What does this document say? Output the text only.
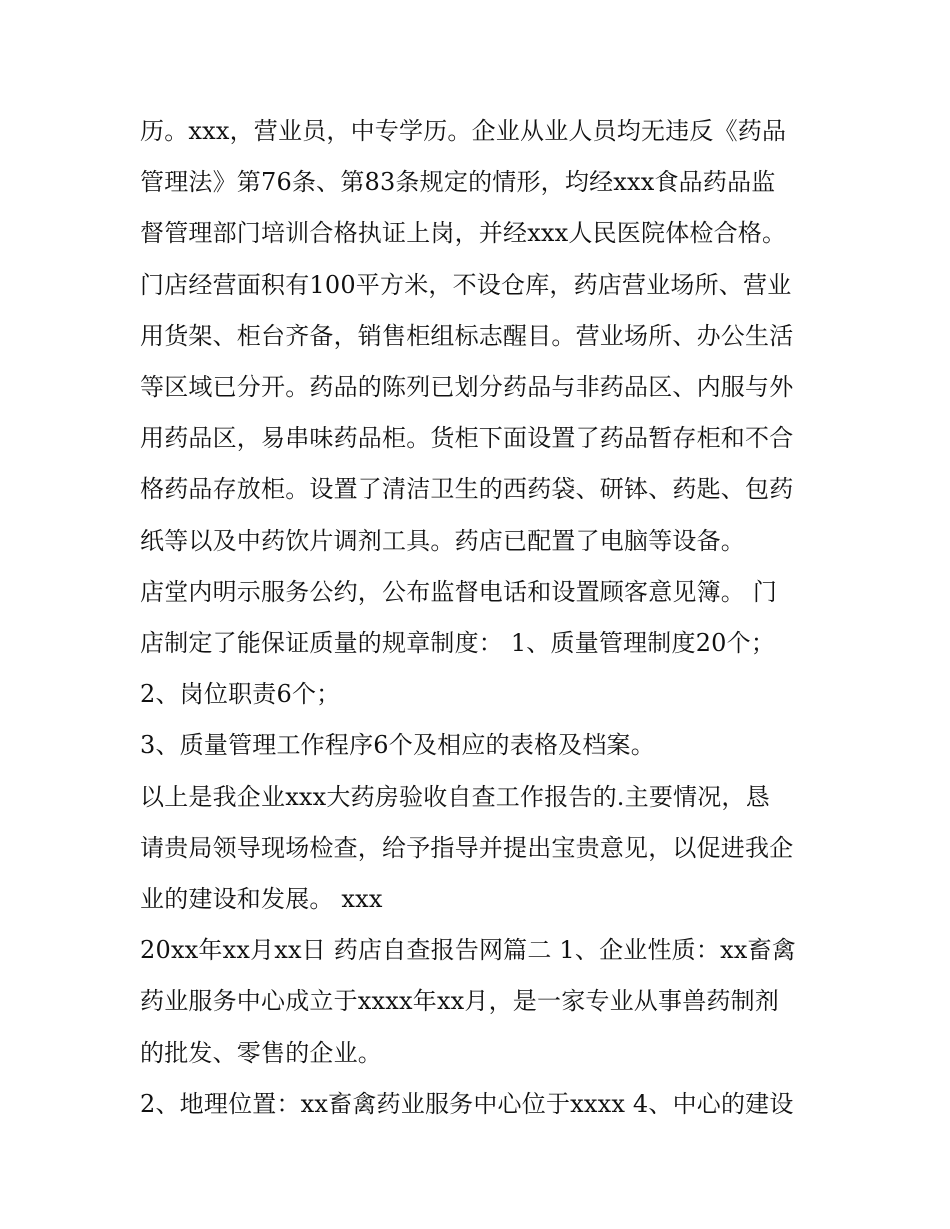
历。xxx，营业员，中专学历。企业从业人员均无违反《药品
管理法》第76条、第83条规定的情形，均经xxx食品药品监
督管理部门培训合格执证上岗，并经xxx人民医院体检合格。
门店经营面积有100平方米，不设仓库，药店营业场所、营业
用货架、柜台齐备，销售柜组标志醒目。营业场所、办公生活
等区域已分开。药品的陈列已划分药品与非药品区、内服与外
用药品区，易串味药品柜。货柜下面设置了药品暂存柜和不合
格药品存放柜。设置了清洁卫生的西药袋、研钵、药匙、包药
纸等以及中药饮片调剂工具。药店已配置了电脑等设备。
店堂内明示服务公约，公布监督电话和设置顾客意见簿。 门
店制定了能保证质量的规章制度： 1、质量管理制度20个；
2、岗位职责6个；
3、质量管理工作程序6个及相应的表格及档案。
以上是我企业xxx大药房验收自查工作报告的.主要情况，恳
请贵局领导现场检查，给予指导并提出宝贵意见，以促进我企
业的建设和发展。 xxx
20xx年xx月xx日 药店自查报告网篇二 1、企业性质：xx畜禽
药业服务中心成立于xxxx年xx月，是一家专业从事兽药制剂
的批发、零售的企业。
2、地理位置：xx畜禽药业服务中心位于xxxx 4、中心的建设
